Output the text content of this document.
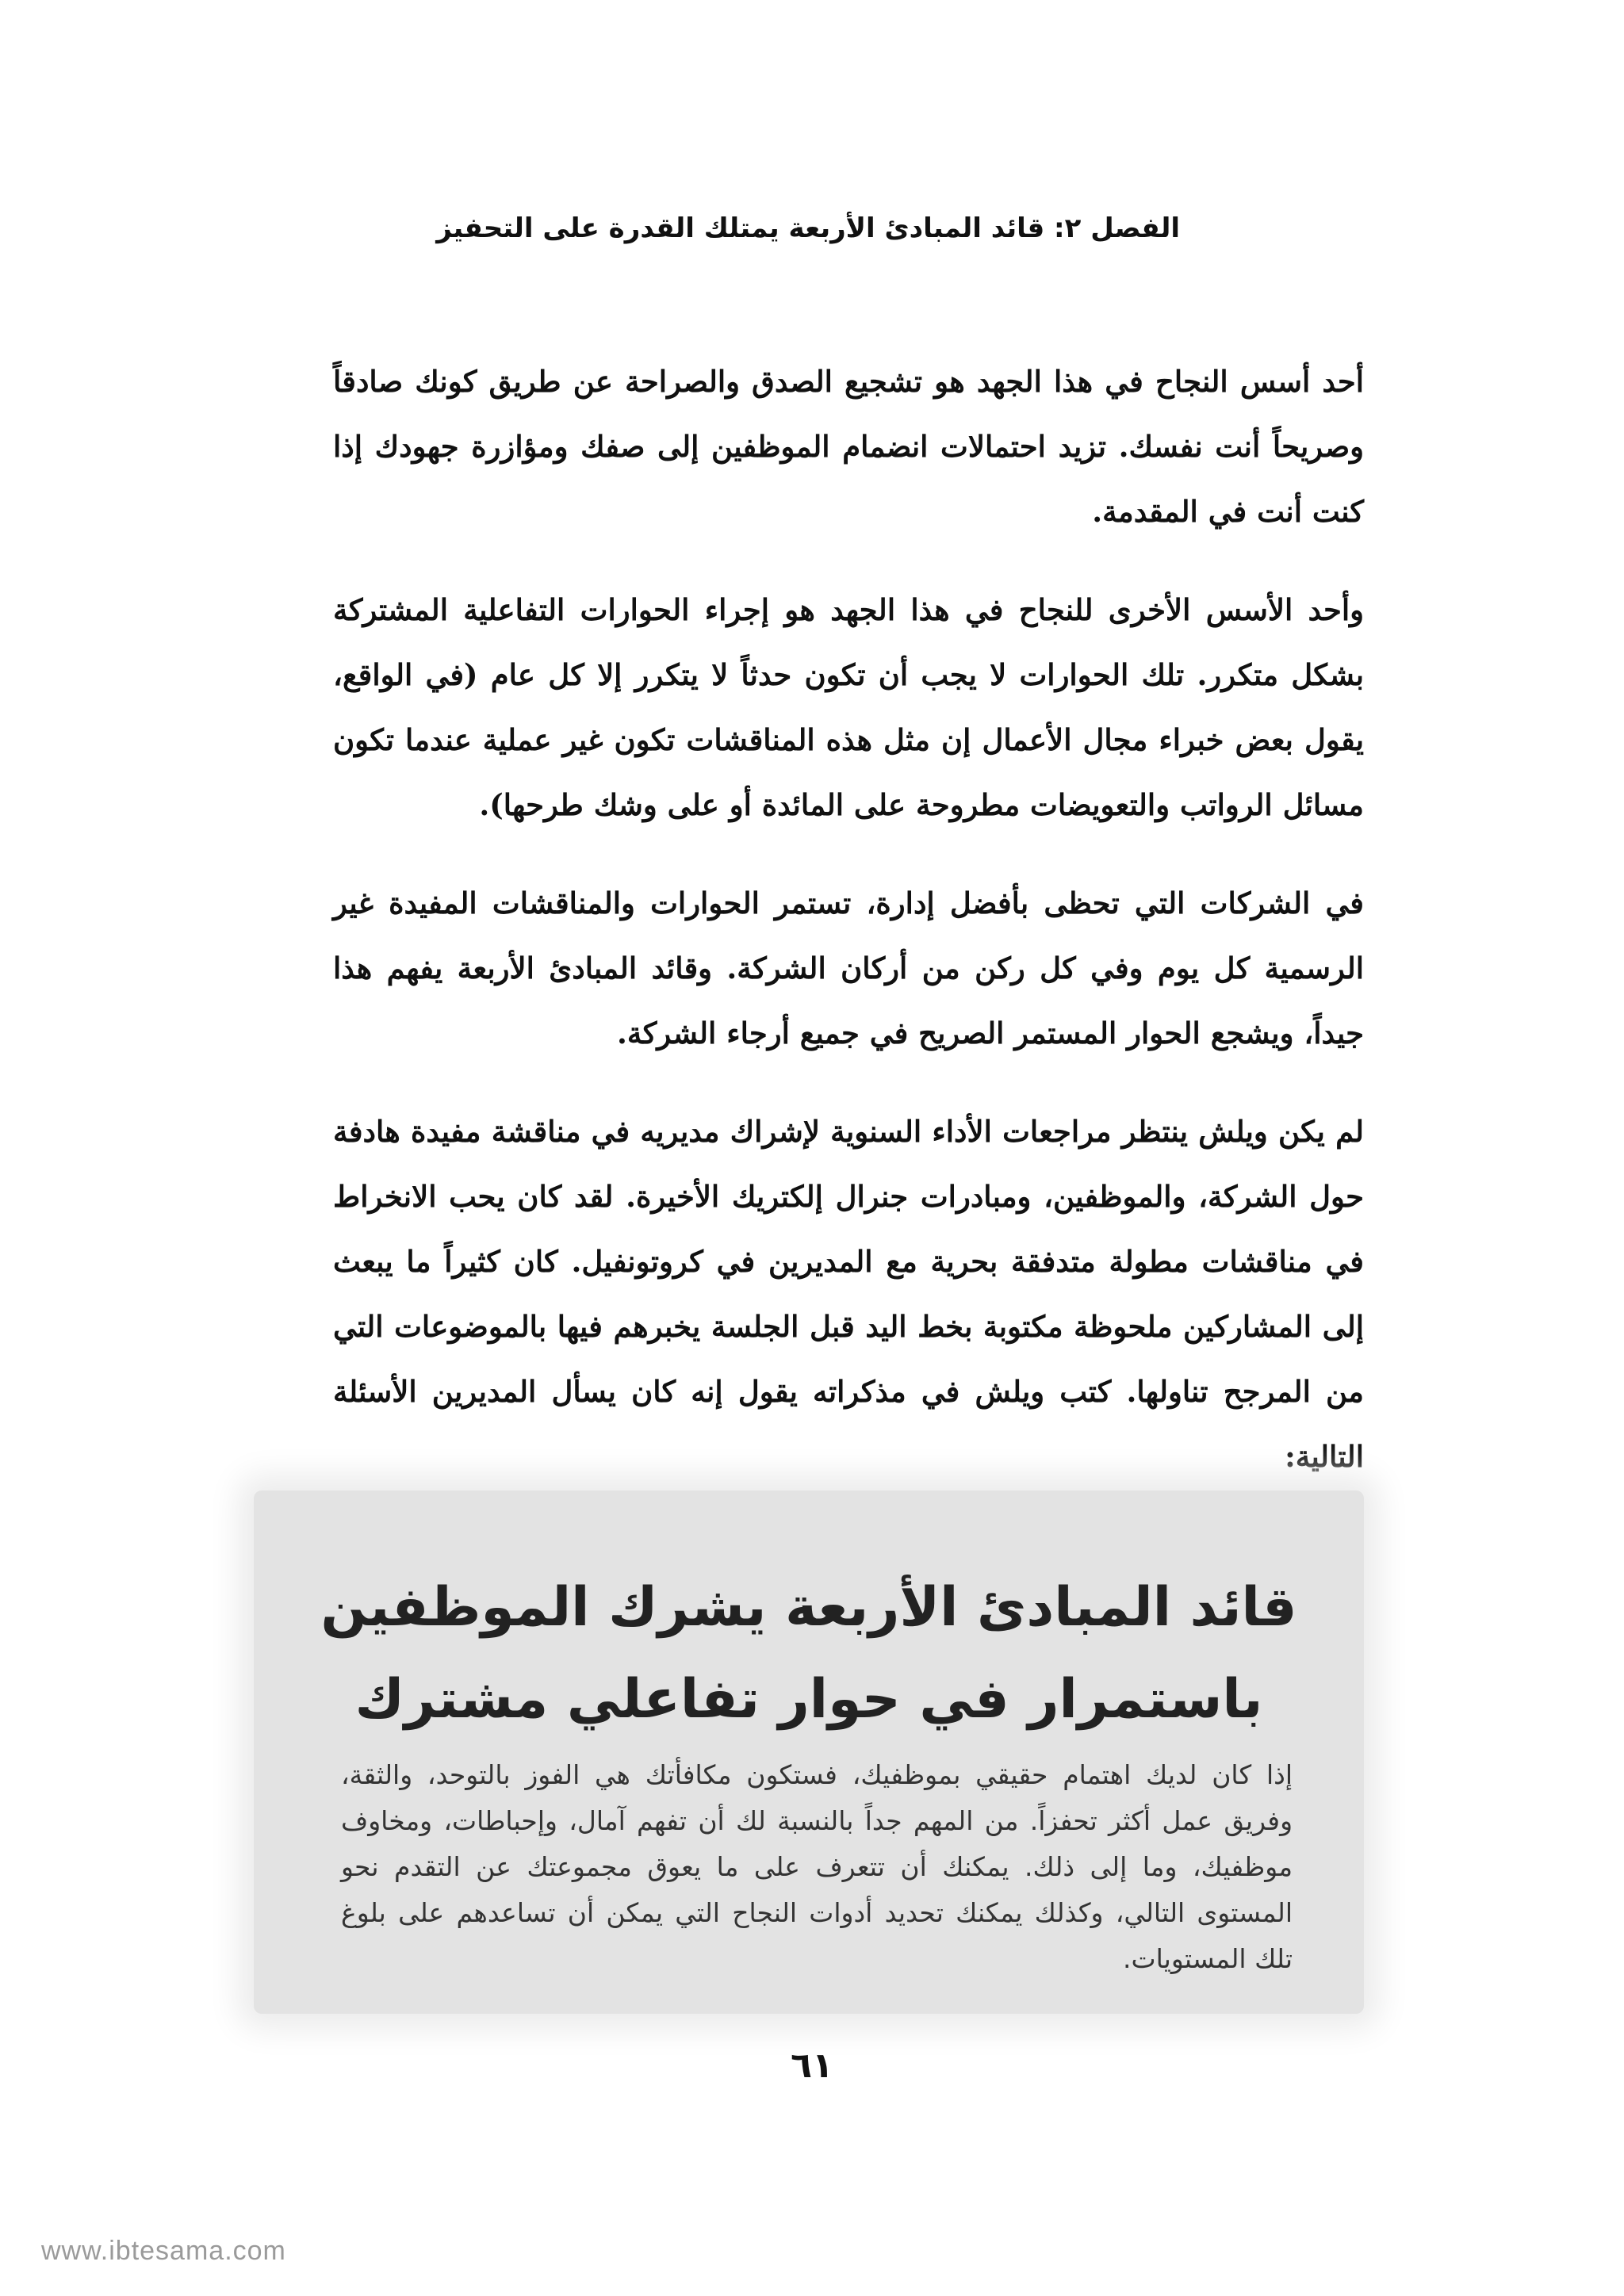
الفصل ٢: قائد المبادئ الأربعة يمتلك القدرة على التحفيز

أحد أسس النجاح في هذا الجهد هو تشجيع الصدق والصراحة عن طريق كونك صادقاً وصريحاً أنت نفسك. تزيد احتمالات انضمام الموظفين إلى صفك ومؤازرة جهودك إذا كنت أنت في المقدمة.

وأحد الأسس الأخرى للنجاح في هذا الجهد هو إجراء الحوارات التفاعلية المشتركة بشكل متكرر. تلك الحوارات لا يجب أن تكون حدثاً لا يتكرر إلا كل عام (في الواقع، يقول بعض خبراء مجال الأعمال إن مثل هذه المناقشات تكون غير عملية عندما تكون مسائل الرواتب والتعويضات مطروحة على المائدة أو على وشك طرحها).

في الشركات التي تحظى بأفضل إدارة، تستمر الحوارات والمناقشات المفيدة غير الرسمية كل يوم وفي كل ركن من أركان الشركة. وقائد المبادئ الأربعة يفهم هذا جيداً، ويشجع الحوار المستمر الصريح في جميع أرجاء الشركة.

لم يكن ويلش ينتظر مراجعات الأداء السنوية لإشراك مديريه في مناقشة مفيدة هادفة حول الشركة، والموظفين، ومبادرات جنرال إلكتريك الأخيرة. لقد كان يحب الانخراط في مناقشات مطولة متدفقة بحرية مع المديرين في كروتونفيل. كان كثيراً ما يبعث إلى المشاركين ملحوظة مكتوبة بخط اليد قبل الجلسة يخبرهم فيها بالموضوعات التي من المرجح تناولها. كتب ويلش في مذكراته يقول إنه كان يسأل المديرين الأسئلة التالية:

قائد المبادئ الأربعة يشرك الموظفين باستمرار في حوار تفاعلي مشترك
إذا كان لديك اهتمام حقيقي بموظفيك، فستكون مكافأتك هي الفوز بالتوحد، والثقة، وفريق عمل أكثر تحفزاً. من المهم جداً بالنسبة لك أن تفهم آمال، وإحباطات، ومخاوف موظفيك، وما إلى ذلك. يمكنك أن تتعرف على ما يعوق مجموعتك عن التقدم نحو المستوى التالي، وكذلك يمكنك تحديد أدوات النجاح التي يمكن أن تساعدهم على بلوغ تلك المستويات.
٦١
www.ibtesama.com
